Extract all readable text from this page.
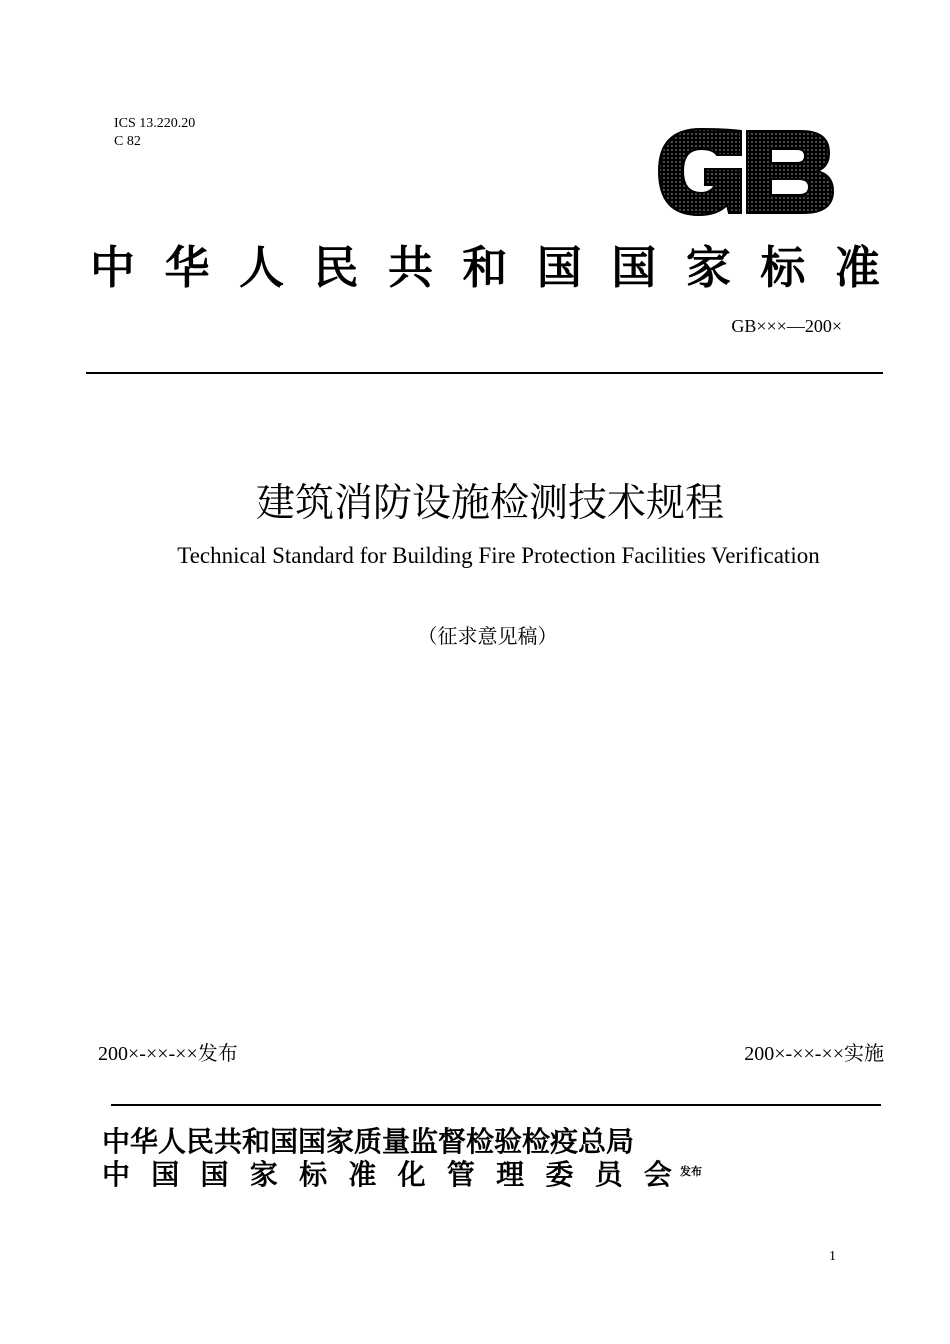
ICS 13.220.20
C 82
中 华 人 民 共 和 国 国 家 标 准
GB×××—200×
建筑消防设施检测技术规程
Technical Standard for Building Fire Protection Facilities Verification
（征求意见稿）
200×-××-××发布	200×-××-××实施
中华人民共和国国家质量监督检验检疫总局
中 国 国 家 标 准 化 管 理 委 员 会 发布
1
